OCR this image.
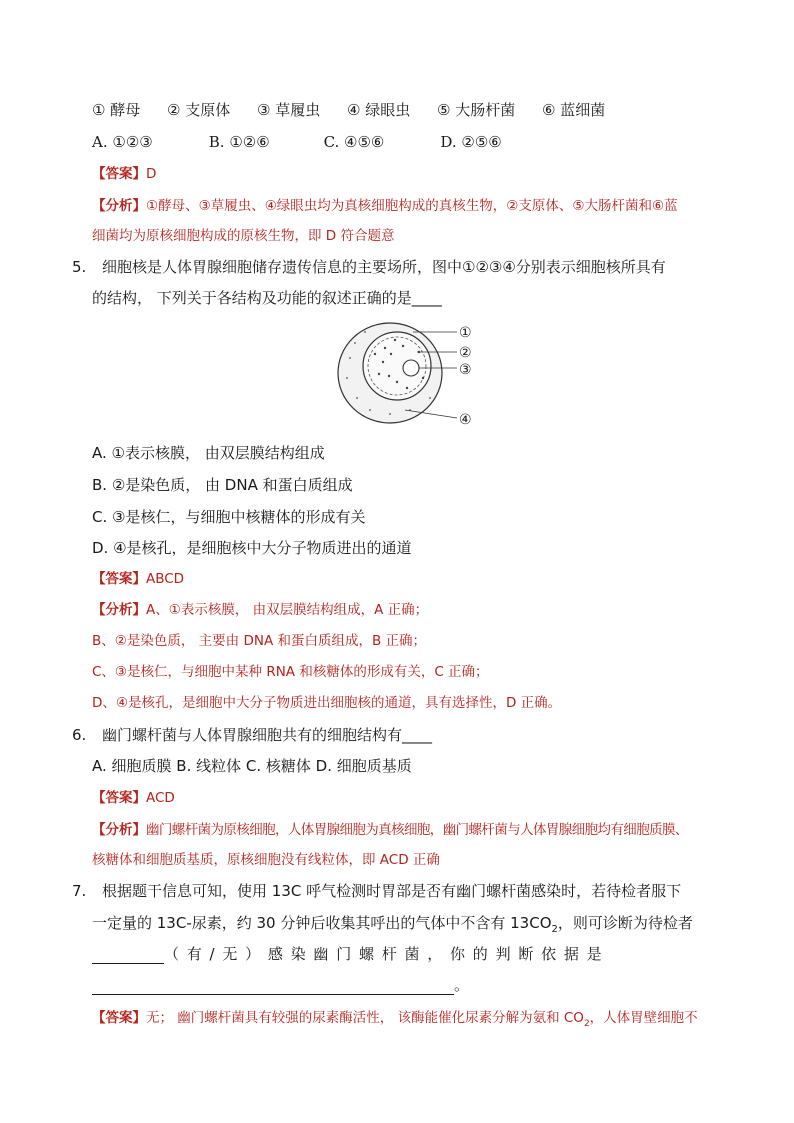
① 酵母 ② 支原体 ③ 草履虫 ④ 绿眼虫 ⑤ 大肠杆菌 ⑥ 蓝细菌
A. ①②③	B. ①②⑥	C. ④⑤⑥	D. ②⑤⑥
【答案】D
【分析】①酵母、③草履虫、④绿眼虫均为真核细胞构成的真核生物，②支原体、⑤大肠杆菌和⑥蓝
细菌均为原核细胞构成的原核生物，即 D 符合题意
5. 细胞核是人体胃腺细胞储存遗传信息的主要场所，图中①②③④分别表示细胞核所具有
的结构， 下列关于各结构及功能的叙述正确的是____
①
②
③
④
A. ①表示核膜， 由双层膜结构组成
B. ②是染色质， 由 DNA 和蛋白质组成
C. ③是核仁，与细胞中核糖体的形成有关
D. ④是核孔，是细胞核中大分子物质进出的通道
【答案】ABCD
【分析】A、①表示核膜， 由双层膜结构组成，A 正确；
B、②是染色质， 主要由 DNA 和蛋白质组成，B 正确；
C、③是核仁，与细胞中某种 RNA 和核糖体的形成有关，C 正确；
D、④是核孔，是细胞中大分子物质进出细胞核的通道，具有选择性，D 正确。
6. 幽门螺杆菌与人体胃腺细胞共有的细胞结构有____
A. 细胞质膜 B. 线粒体 C. 核糖体 D. 细胞质基质
【答案】ACD
【分析】幽门螺杆菌为原核细胞，人体胃腺细胞为真核细胞，幽门螺杆菌与人体胃腺细胞均有细胞质膜、
核糖体和细胞质基质，原核细胞没有线粒体，即 ACD 正确
7. 根据题干信息可知，使用 13C 呼气检测时胃部是否有幽门螺杆菌感染时，若待检者服下
一定量的 13C-尿素，约 30 分钟后收集其呼出的气体中不含有 $13CO_2$，则可诊断为待检者
（ 有 / 无 ） 感 染 幽 门 螺 杆 菌 ， 你 的 判 断 依 据 是
。
【答案】无； 幽门螺杆菌具有较强的尿素酶活性， 该酶能催化尿素分解为氨和 $CO_2$，人体胃壁细胞不
